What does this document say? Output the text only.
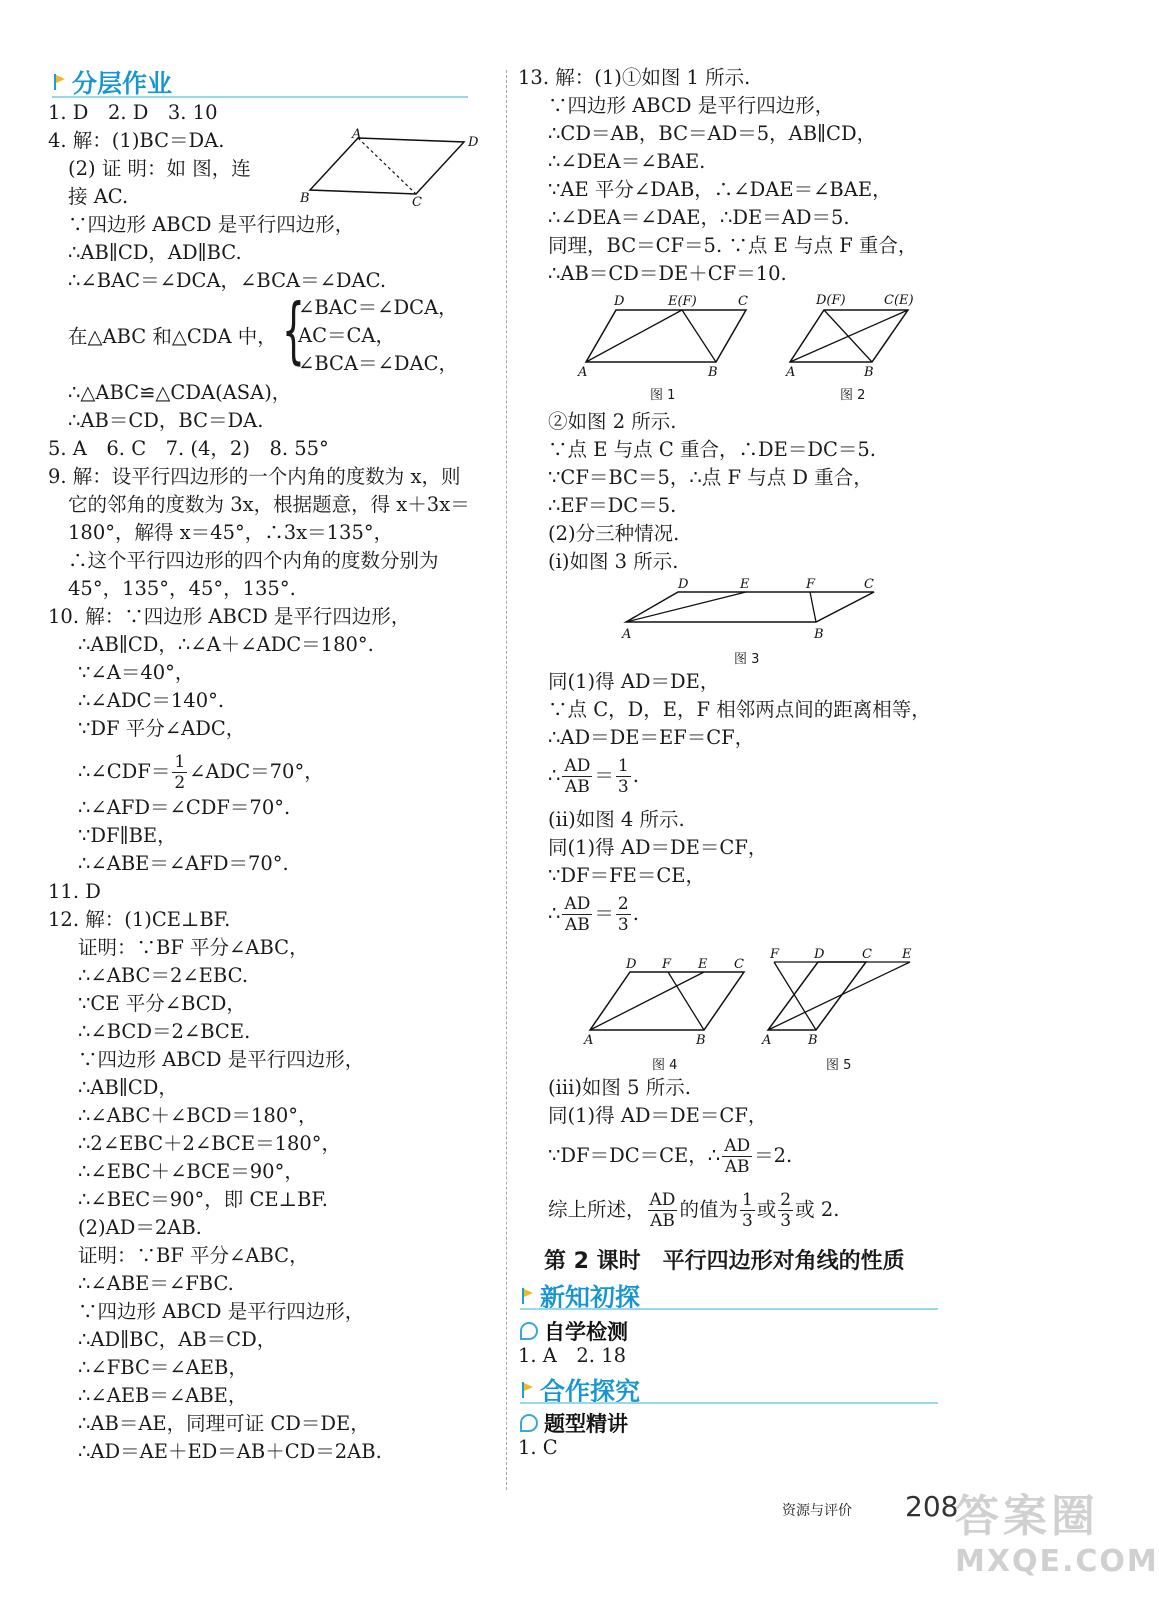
分层作业
1. D　2. D　3. 10
4. 解：(1)BC＝DA.
(2) 证 明：如 图，连
接 AC.
∵四边形 ABCD 是平行四边形，
∴AB∥CD，AD∥BC.
∴∠BAC＝∠DCA，∠BCA＝∠DAC.
在△ABC 和△CDA 中， {
∠BAC＝∠DCA，
AC＝CA，
∠BCA＝∠DAC，
∴△ABC≌△CDA(ASA)，
∴AB＝CD，BC＝DA.
5. A　6. C　7. (4，2)　8. 55°
9. 解：设平行四边形的一个内角的度数为 x，则
它的邻角的度数为 3x，根据题意，得 x＋3x＝
180°，解得 x＝45°，∴3x＝135°，
∴这个平行四边形的四个内角的度数分别为
45°，135°，45°，135°.
10. 解：∵四边形 ABCD 是平行四边形，
∴AB∥CD，∴∠A＋∠ADC＝180°.
∵∠A＝40°，
∴∠ADC＝140°.
∵DF 平分∠ADC，
∴∠CDF＝ $\frac{1}{2}$ ∠ADC＝70°，
∴∠AFD＝∠CDF＝70°.
∵DF∥BE，
∴∠ABE＝∠AFD＝70°.
11. D
12. 解：(1)CE⊥BF.
证明：∵BF 平分∠ABC，
∴∠ABC＝2∠EBC.
∵CE 平分∠BCD，
∴∠BCD＝2∠BCE.
∵四边形 ABCD 是平行四边形，
∴AB∥CD，
∴∠ABC＋∠BCD＝180°，
∴2∠EBC＋2∠BCE＝180°，
∴∠EBC＋∠BCE＝90°，
∴∠BEC＝90°，即 CE⊥BF.
(2)AD＝2AB.
证明：∵BF 平分∠ABC，
∴∠ABE＝∠FBC.
∵四边形 ABCD 是平行四边形，
∴AD∥BC，AB＝CD，
∴∠FBC＝∠AEB，
∴∠AEB＝∠ABE，
∴AB＝AE，同理可证 CD＝DE，
∴AD＝AE＋ED＝AB＋CD＝2AB.
A
D
B	C
13. 解：(1)①如图 1 所示.
∵四边形 ABCD 是平行四边形，
∴CD＝AB，BC＝AD＝5，AB∥CD，
∴∠DEA＝∠BAE.
∵AE 平分∠DAB，∴∠DAE＝∠BAE，
∴∠DEA＝∠DAE，∴DE＝AD＝5.
同理，BC＝CF＝5. ∵点 E 与点 F 重合，
∴AB＝CD＝DE＋CF＝10.
D	E(F)	C
A	B
图 1
D(F)	C(E)
A	B
图 2
②如图 2 所示.
∵点 E 与点 C 重合，∴DE＝DC＝5.
∵CF＝BC＝5，∴点 F 与点 D 重合，
∴EF＝DC＝5.
(2)分三种情况.
(i)如图 3 所示.
D	E	F	C
A	B
图 3
同(1)得 AD＝DE，
∵点 C，D，E，F 相邻两点间的距离相等，
∴AD＝DE＝EF＝CF，
∴ $\frac{AD}{AB} = \frac{1}{3}$ .
(ii)如图 4 所示.
同(1)得 AD＝DE＝CF，
∵DF＝FE＝CE，
∴ $\frac{AD}{AB} = \frac{2}{3}$ .
D F E C
A	B
图 4
F	D	C E
A	B
图 5
(iii)如图 5 所示.
同(1)得 AD＝DE＝CF，
∵DF＝DC＝CE，∴ $\frac{AD}{AB} =2$.
综上所述， $\frac{AD}{AB}$ 的值为 $\frac{1}{3}$ 或 $\frac{2}{3}$ 或 2.
第 2 课时　平行四边形对角线的性质
新知初探
自学检测
1. A　2. 18
合作探究
题型精讲
1. C
资源与评价 208
答案圈
MXQE.COM
